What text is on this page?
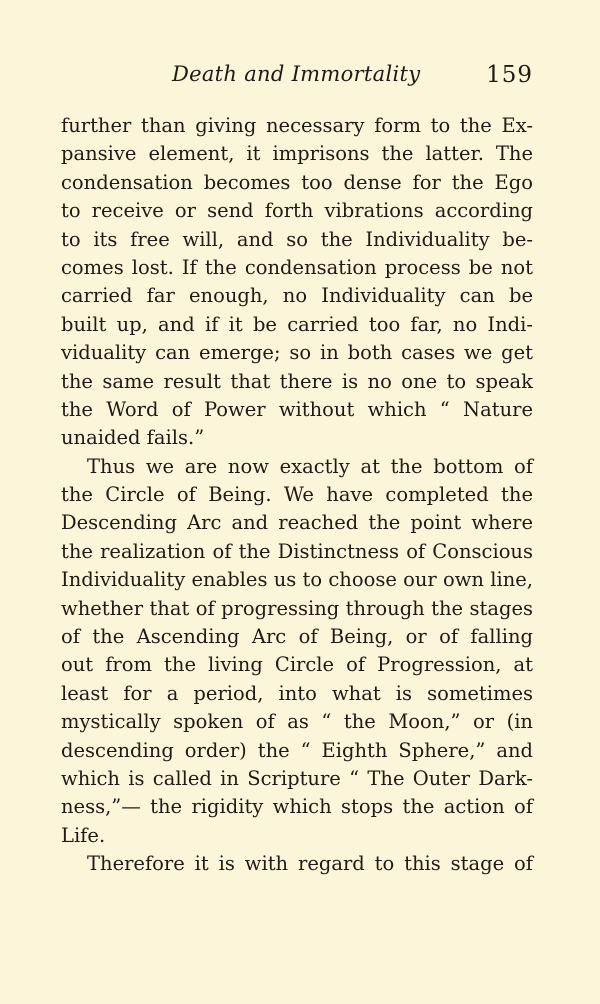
Death and Immortality	159
further than giving necessary form to the Ex-
pansive element, it imprisons the latter. The
condensation becomes too dense for the Ego
to receive or send forth vibrations according
to its free will, and so the Individuality be-
comes lost. If the condensation process be not
carried far enough, no Individuality can be
built up, and if it be carried too far, no Indi-
viduality can emerge; so in both cases we get
the same result that there is no one to speak
the Word of Power without which “ Nature
unaided fails.”
Thus we are now exactly at the bottom of
the Circle of Being. We have completed the
Descending Arc and reached the point where
the realization of the Distinctness of Conscious
Individuality enables us to choose our own line,
whether that of progressing through the stages
of the Ascending Arc of Being, or of falling
out from the living Circle of Progression, at
least for a period, into what is sometimes
mystically spoken of as “ the Moon,” or (in
descending order) the “ Eighth Sphere,” and
which is called in Scripture “ The Outer Dark-
ness,”— the rigidity which stops the action of
Life.
Therefore it is with regard to this stage of
